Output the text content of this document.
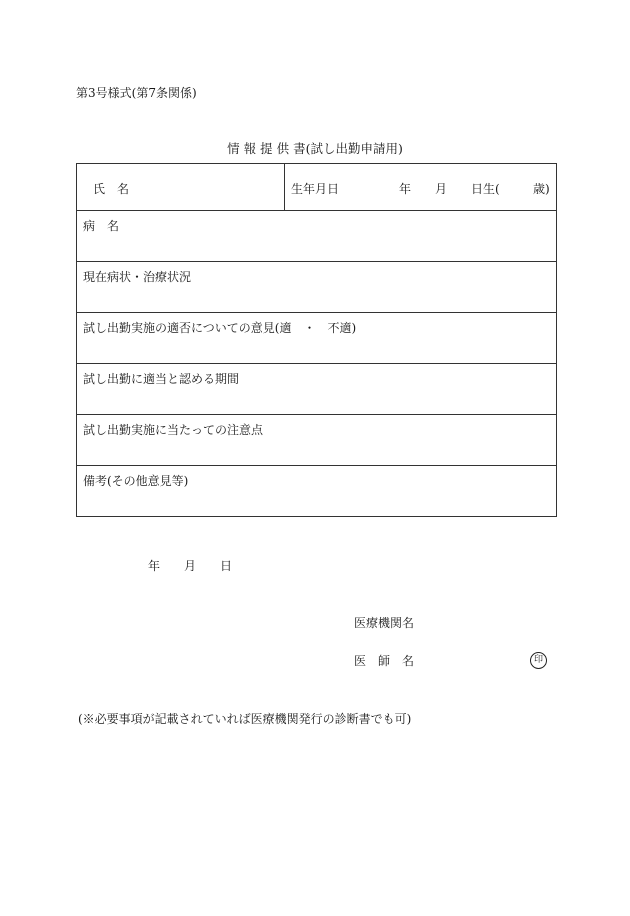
第3号様式(第7条関係)
情 報 提 供 書(試し出勤申請用)
氏　名	生年月日　　　　　年　　月　　日生(	歳)
病　名
現在病状・治療状況
試し出勤実施の適否についての意見(適　・　不適)
試し出勤に適当と認める期間
試し出勤実施に当たっての注意点
備考(その他意見等)
年　　月　　日
医療機関名
医　師　名	印
(※必要事項が記載されていれば医療機関発行の診断書でも可)
